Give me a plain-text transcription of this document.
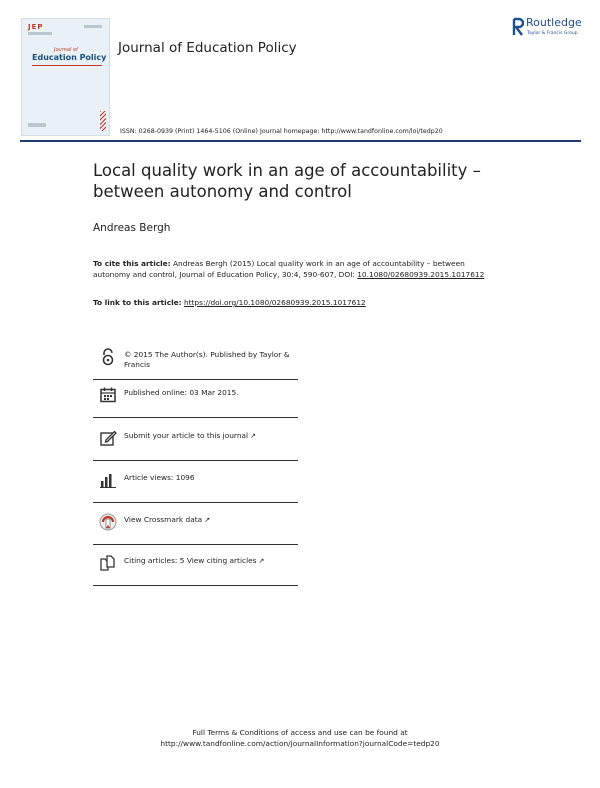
JEP
Journal of
Education Policy
Journal of Education Policy
Routledge
Taylor & Francis Group
ISSN: 0268-0939 (Print) 1464-5106 (Online) Journal homepage: http://www.tandfonline.com/loi/tedp20
Local quality work in an age of accountability – between autonomy and control
Andreas Bergh
To cite this article: Andreas Bergh (2015) Local quality work in an age of accountability – between autonomy and control, Journal of Education Policy, 30:4, 590-607, DOI: 10.1080/02680939.2015.1017612
To link to this article: https://doi.org/10.1080/02680939.2015.1017612
© 2015 The Author(s). Published by Taylor & Francis
Published online: 03 Mar 2015.
Submit your article to this journal ↗
Article views: 1096
View Crossmark data ↗
Citing articles: 5 View citing articles ↗
Full Terms & Conditions of access and use can be found at
http://www.tandfonline.com/action/journalInformation?journalCode=tedp20
